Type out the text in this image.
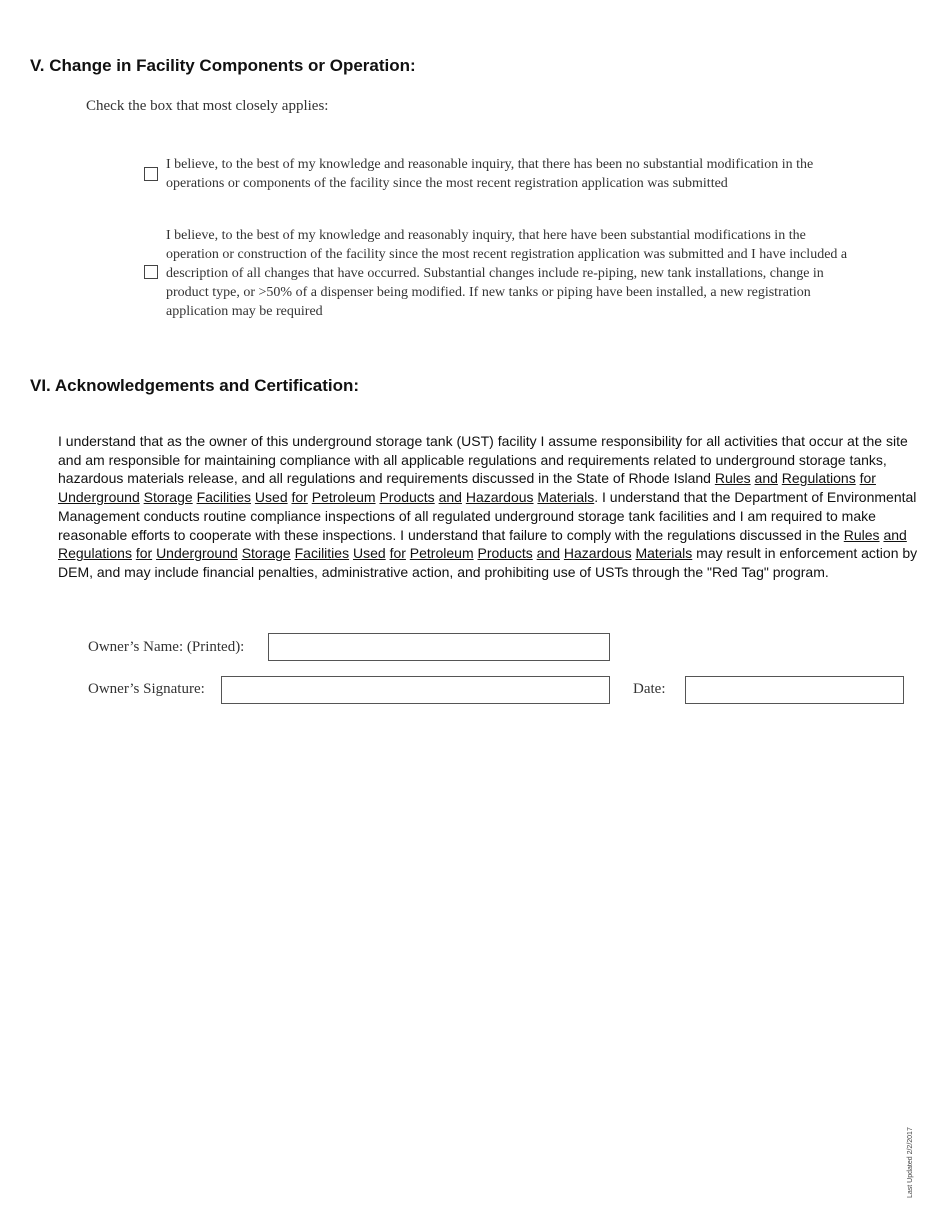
V. Change in Facility Components or Operation:
Check the box that most closely applies:
I believe, to the best of my knowledge and reasonable inquiry, that there has been no substantial modification in the operations or components of the facility since the most recent registration application was submitted
I believe, to the best of my knowledge and reasonably inquiry, that here have been substantial modifications in the operation or construction of the facility since the most recent registration application was submitted and I have included a description of all changes that have occurred. Substantial changes include re-piping, new tank installations, change in product type, or >50% of a dispenser being modified. If new tanks or piping have been installed, a new registration application may be required
VI. Acknowledgements and Certification:

I understand that as the owner of this underground storage tank (UST) facility I assume responsibility for all activities that occur at the site and am responsible for maintaining compliance with all applicable regulations and requirements related to underground storage tanks, hazardous materials release, and all regulations and requirements discussed in the State of Rhode Island Rules and Regulations for Underground Storage Facilities Used for Petroleum Products and Hazardous Materials. I understand that the Department of Environmental Management conducts routine compliance inspections of all regulated underground storage tank facilities and I am required to make reasonable efforts to cooperate with these inspections. I understand that failure to comply with the regulations discussed in the Rules and Regulations for Underground Storage Facilities Used for Petroleum Products and Hazardous Materials may result in enforcement action by DEM, and may include financial penalties, administrative action, and prohibiting use of USTs through the "Red Tag" program.

Owner’s Name: (Printed):
Owner’s Signature:	Date:
Last Updated 2/2/2017
